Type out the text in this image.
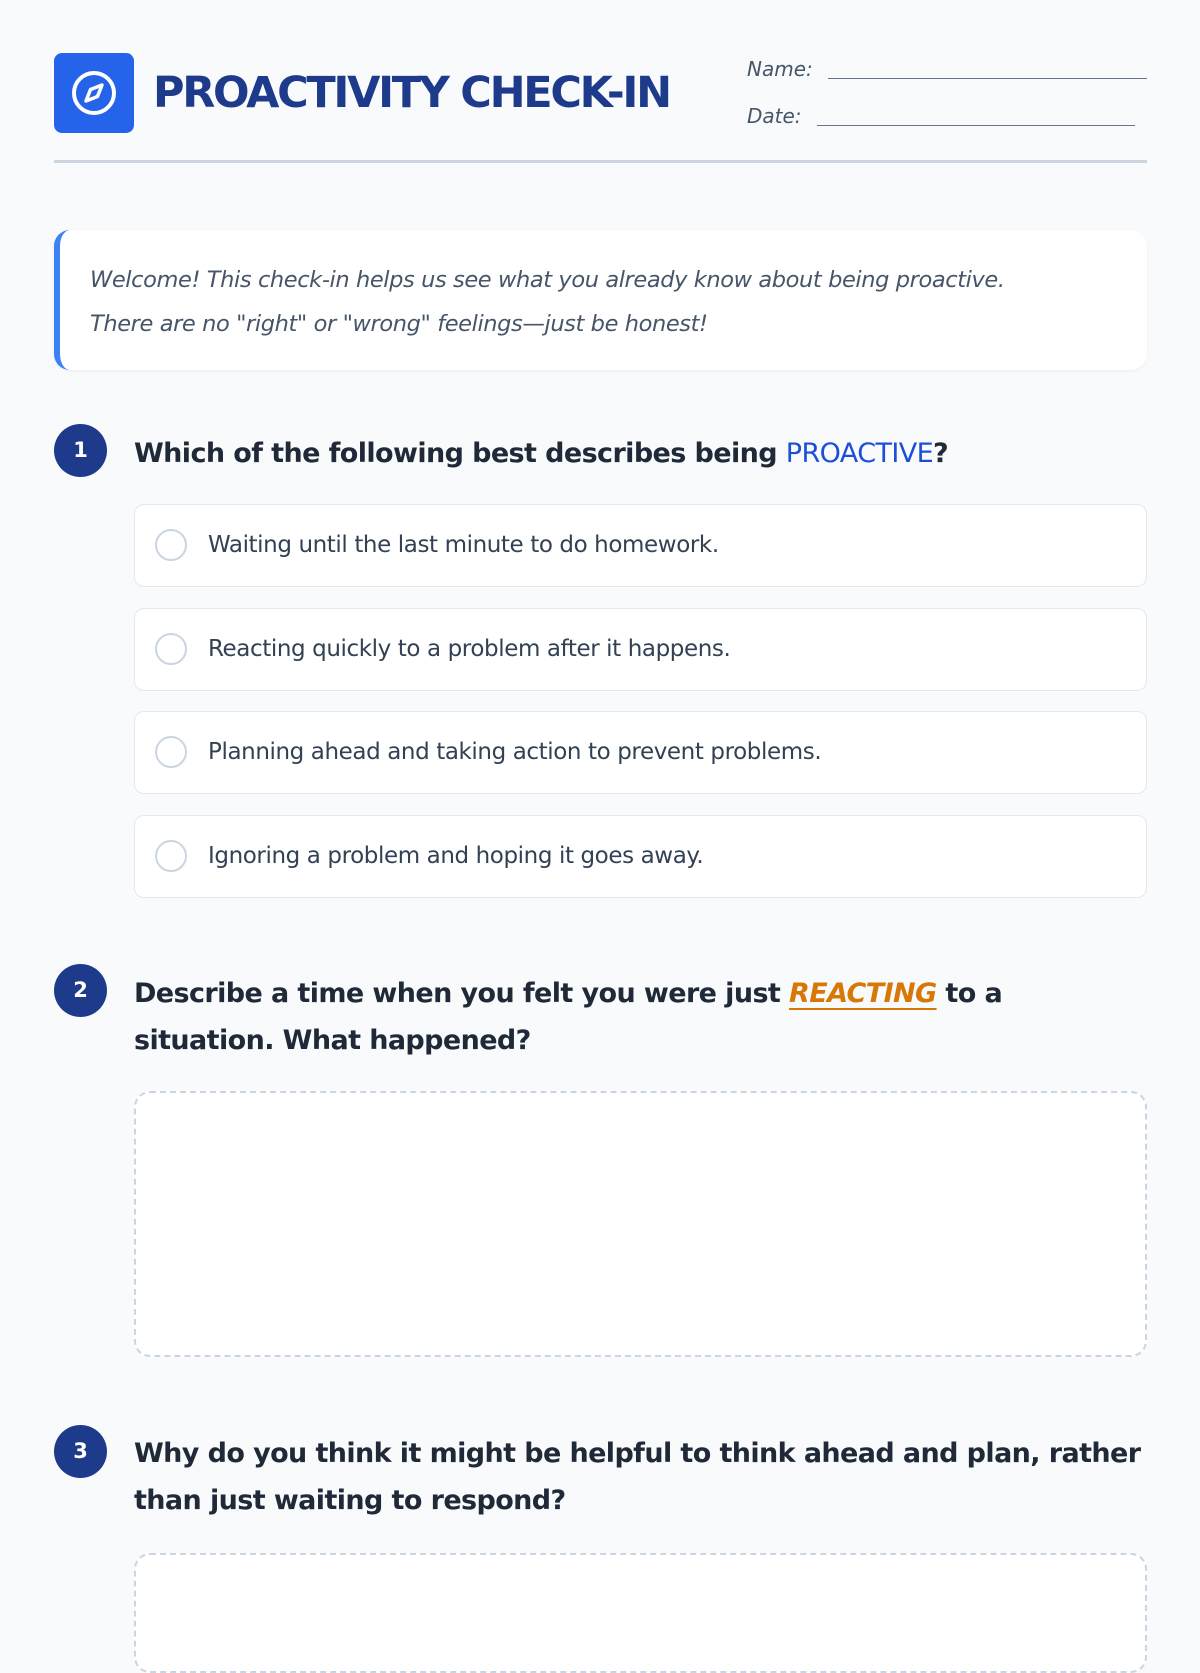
PROACTIVITY CHECK-IN	Name:
Date:

Welcome! This check-in helps us see what you already know about being proactive.
There are no "right" or "wrong" feelings—just be honest!

1	Which of the following best describes being PROACTIVE?
Waiting until the last minute to do homework.
Reacting quickly to a problem after it happens.
Planning ahead and taking action to prevent problems.
Ignoring a problem and hoping it goes away.
2	Describe a time when you felt you were just REACTING to a situation. What happened?
3	Why do you think it might be helpful to think ahead and plan, rather than just waiting to respond?
